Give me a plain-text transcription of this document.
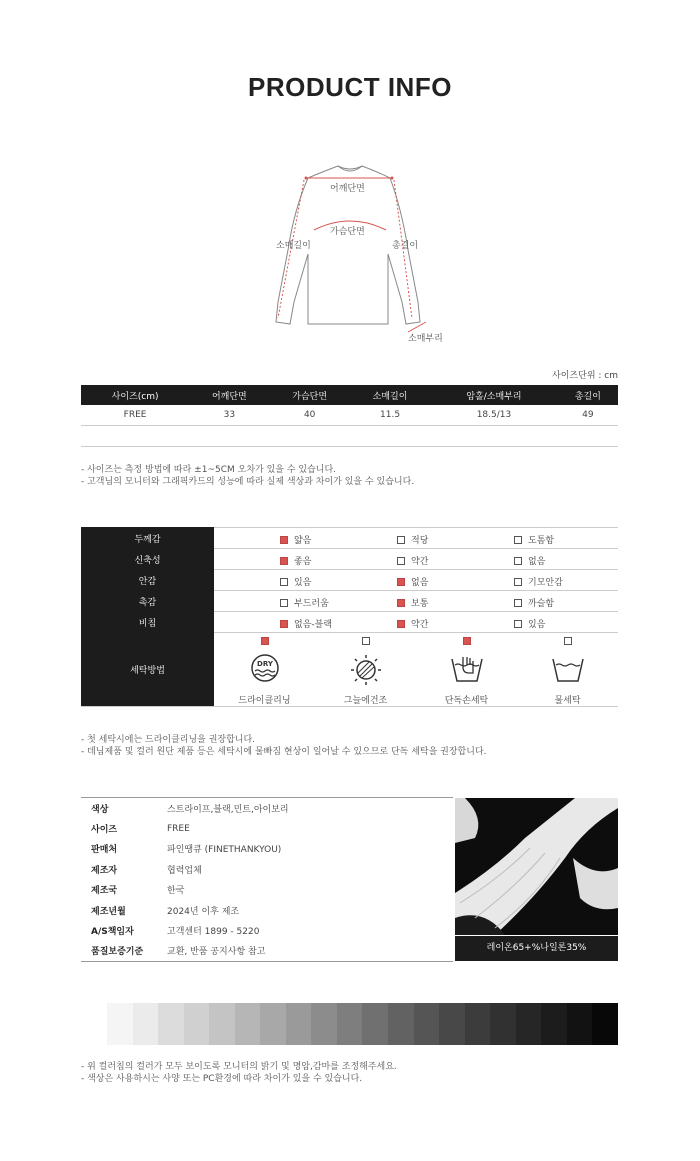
PRODUCT INFO
어깨단면
가슴단면
소매길이	총길이
소매부리
사이즈단위 : cm
사이즈(cm)	어깨단면	가슴단면	소매길이	암홀/소매부리	총길이
FREE	33	40	11.5	18.5/13	49
- 사이즈는 측정 방법에 따라 ±1~5CM 오차가 있을 수 있습니다.
- 고객님의 모니터와 그래픽카드의 성능에 따라 실제 색상과 차이가 있을 수 있습니다.
두께감	얇음 적당 도톰함

신축성	좋음 약간 없음

안감	있음 없음 기모안감

촉감	부드러움 보통 까슬함

비침	없음-블랙 약간 있음

세탁방법	DRY
드라이클리닝 그늘에건조 단독손세탁 물세탁
- 첫 세탁시에는 드라이클리닝을 권장합니다.
- 데님제품 및 컬러 원단 제품 등은 세탁시에 물빠짐 현상이 일어날 수 있으므로 단독 세탁을 권장합니다.
색상	스트라이프,블랙,민트,아이보리
사이즈	FREE
판매처	파인땡큐 (FINETHANKYOU)
제조자	협력업체
제조국	한국
제조년월	2024년 이후 제조
A/S책임자	고객센터 1899 - 5220
품질보증기준	교환, 반품 공지사항 참고	레이온65+%나일론35%
- 위 컬러칩의 컬러가 모두 보이도록 모니터의 밝기 및 명암,감마를 조정해주세요.
- 색상은 사용하시는 사양 또는 PC환경에 따라 차이가 있을 수 있습니다.
